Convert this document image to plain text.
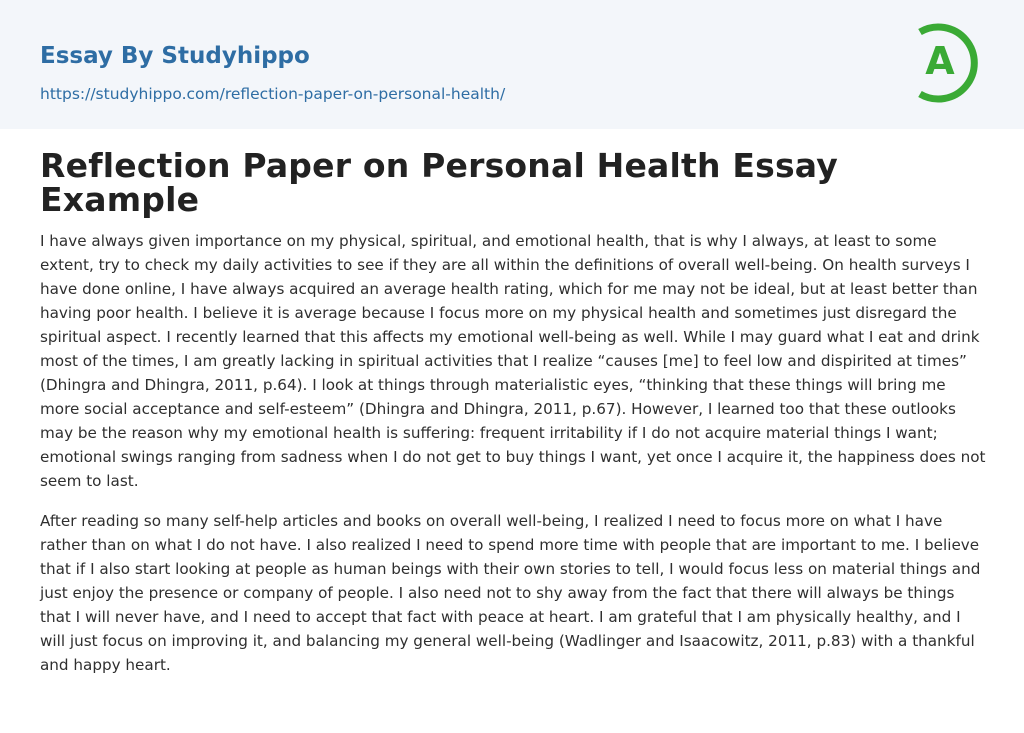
Essay By Studyhippo
https://studyhippo.com/reflection-paper-on-personal-health/
A
Reflection Paper on Personal Health Essay Example

I have always given importance on my physical, spiritual, and emotional health, that is why I always, at least to some extent, try to check my daily activities to see if they are all within the definitions of overall well-being. On health surveys I have done online, I have always acquired an average health rating, which for me may not be ideal, but at least better than having poor health. I believe it is average because I focus more on my physical health and sometimes just disregard the spiritual aspect. I recently learned that this affects my emotional well-being as well. While I may guard what I eat and drink most of the times, I am greatly lacking in spiritual activities that I realize “causes [me] to feel low and dispirited at times” (Dhingra and Dhingra, 2011, p.64). I look at things through materialistic eyes, “thinking that these things will bring me more social acceptance and self-esteem” (Dhingra and Dhingra, 2011, p.67). However, I learned too that these outlooks may be the reason why my emotional health is suffering: frequent irritability if I do not acquire material things I want; emotional swings ranging from sadness when I do not get to buy things I want, yet once I acquire it, the happiness does not seem to last.

After reading so many self-help articles and books on overall well-being, I realized I need to focus more on what I have rather than on what I do not have. I also realized I need to spend more time with people that are important to me. I believe that if I also start looking at people as human beings with their own stories to tell, I would focus less on material things and just enjoy the presence or company of people. I also need not to shy away from the fact that there will always be things that I will never have, and I need to accept that fact with peace at heart. I am grateful that I am physically healthy, and I will just focus on improving it, and balancing my general well-being (Wadlinger and Isaacowitz, 2011, p.83) with a thankful and happy heart.
